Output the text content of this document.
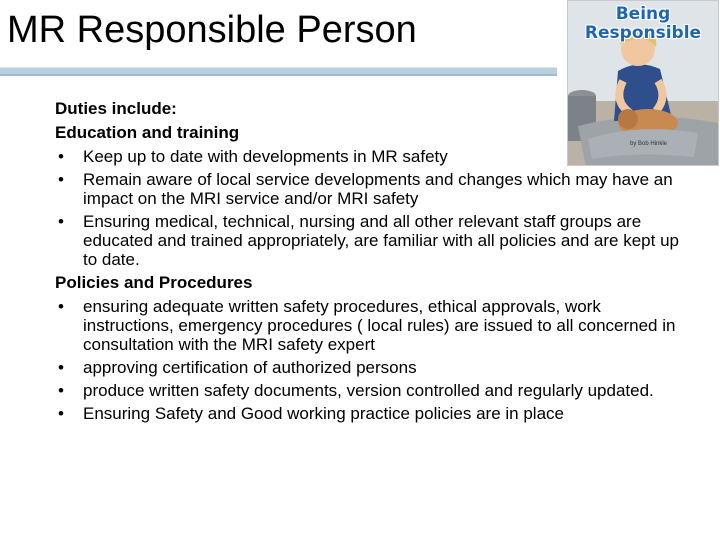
MR Responsible Person	Being
Responsible
by Bob Hinkle
Duties include:
Education and training
•	Keep up to date with developments in MR safety
•	Remain aware of local service developments and changes which may have an impact on the MRI service and/or MRI safety
•	Ensuring medical, technical, nursing and all other relevant staff groups are educated and trained appropriately, are familiar with all policies and are kept up to date.
Policies and Procedures
•	ensuring adequate written safety procedures, ethical approvals, work instructions, emergency procedures ( local rules) are issued to all concerned in consultation with the MRI safety expert
•	approving certification of authorized persons
•	produce written safety documents, version controlled and regularly updated.
•	Ensuring Safety and Good working practice policies are in place
